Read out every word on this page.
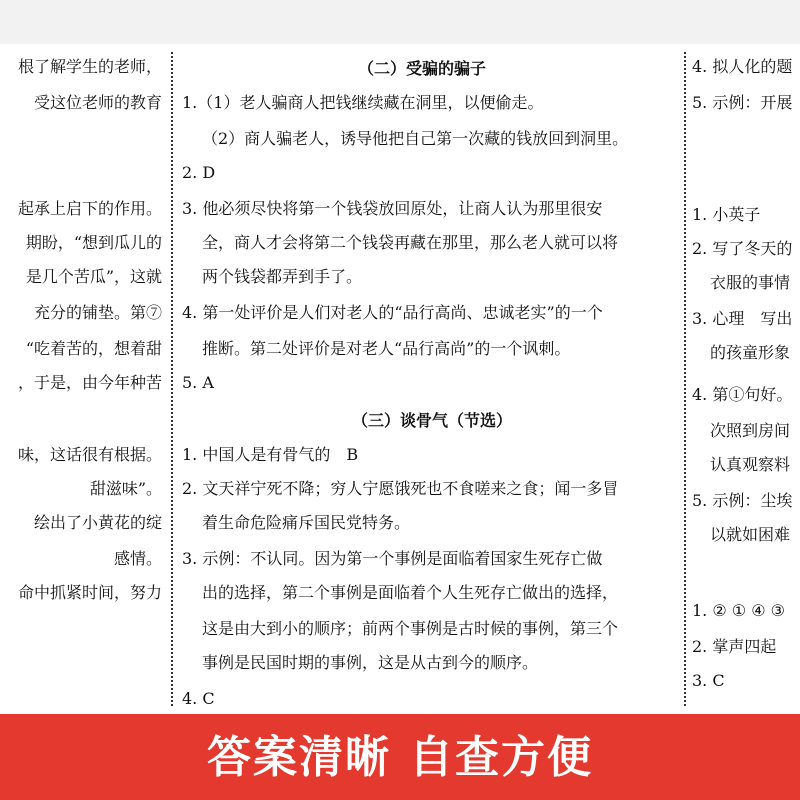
根了解学生的老师，
受这位老师的教育
起承上启下的作用。
期盼，“想到瓜儿的
是几个苦瓜”，这就
充分的铺垫。第⑦
“吃着苦的，想着甜
，于是，由今年种苦
味，这话很有根据。
甜滋味”。
绘出了小黄花的绽
感情。
命中抓紧时间，努力
（二）受骗的骗子
1.（1）老人骗商人把钱继续藏在洞里，以便偷走。
（2）商人骗老人，诱导他把自己第一次藏的钱放回到洞里。
2. D
3. 他必须尽快将第一个钱袋放回原处，让商人认为那里很安
全，商人才会将第二个钱袋再藏在那里，那么老人就可以将
两个钱袋都弄到手了。
4. 第一处评价是人们对老人的“品行高尚、忠诚老实”的一个
推断。第二处评价是对老人“品行高尚”的一个讽刺。
5. A
（三）谈骨气（节选）
1. 中国人是有骨气的　B
2. 文天祥宁死不降；穷人宁愿饿死也不食嗟来之食；闻一多冒
着生命危险痛斥国民党特务。
3. 示例：不认同。因为第一个事例是面临着国家生死存亡做
出的选择，第二个事例是面临着个人生死存亡做出的选择，
这是由大到小的顺序；前两个事例是古时候的事例，第三个
事例是民国时期的事例，这是从古到今的顺序。
4. C
4. 拟人化的题
5. 示例：开展
1. 小英子
2. 写了冬天的
衣服的事情
3. 心理　写出
的孩童形象
4. 第①句好。
次照到房间
认真观察料
5. 示例：尘埃
以就如困难
1. ② ① ④ ③
2. 掌声四起
3. C
答案清晰 自查方便
